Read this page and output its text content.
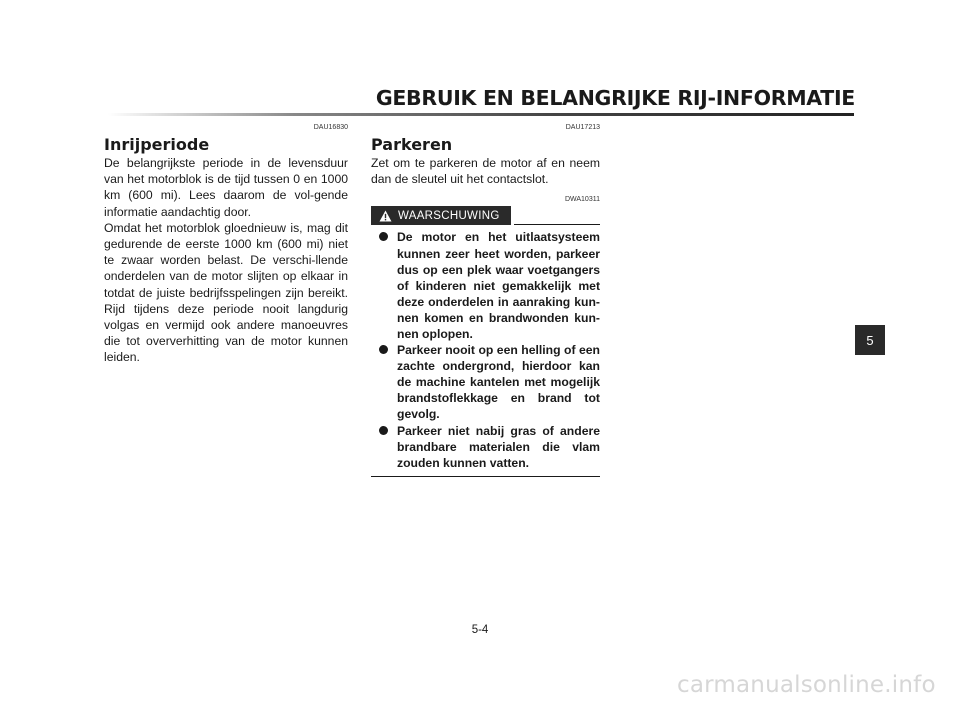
GEBRUIK EN BELANGRIJKE RIJ-INFORMATIE
DAU16830
Inrijperiode

De belangrijkste periode in de levensduur van het motorblok is de tijd tussen 0 en 1000 km (600 mi). Lees daarom de vol-gende informatie aandachtig door.

Omdat het motorblok gloednieuw is, mag dit gedurende de eerste 1000 km (600 mi) niet te zwaar worden belast. De verschi-llende onderdelen van de motor slijten op elkaar in totdat de juiste bedrijfsspelingen zijn bereikt. Rijd tijdens deze periode nooit langdurig volgas en vermijd ook andere manoeuvres die tot oververhitting van de motor kunnen leiden.

DAU17213
Parkeren

Zet om te parkeren de motor af en neem dan de sleutel uit het contactslot.

DWA10311
WAARSCHUWING
De motor en het uitlaatsysteem kunnen zeer heet worden, parkeer dus op een plek waar voetgangers of kinderen niet gemakkelijk met deze onderdelen in aanraking kun-nen komen en brandwonden kun-nen oplopen.
Parkeer nooit op een helling of een zachte ondergrond, hierdoor kan de machine kantelen met mogelijk brandstoflekkage en brand tot gevolg.
Parkeer niet nabij gras of andere brandbare materialen die vlam zouden kunnen vatten.
5
5-4
carmanualsonline.info
